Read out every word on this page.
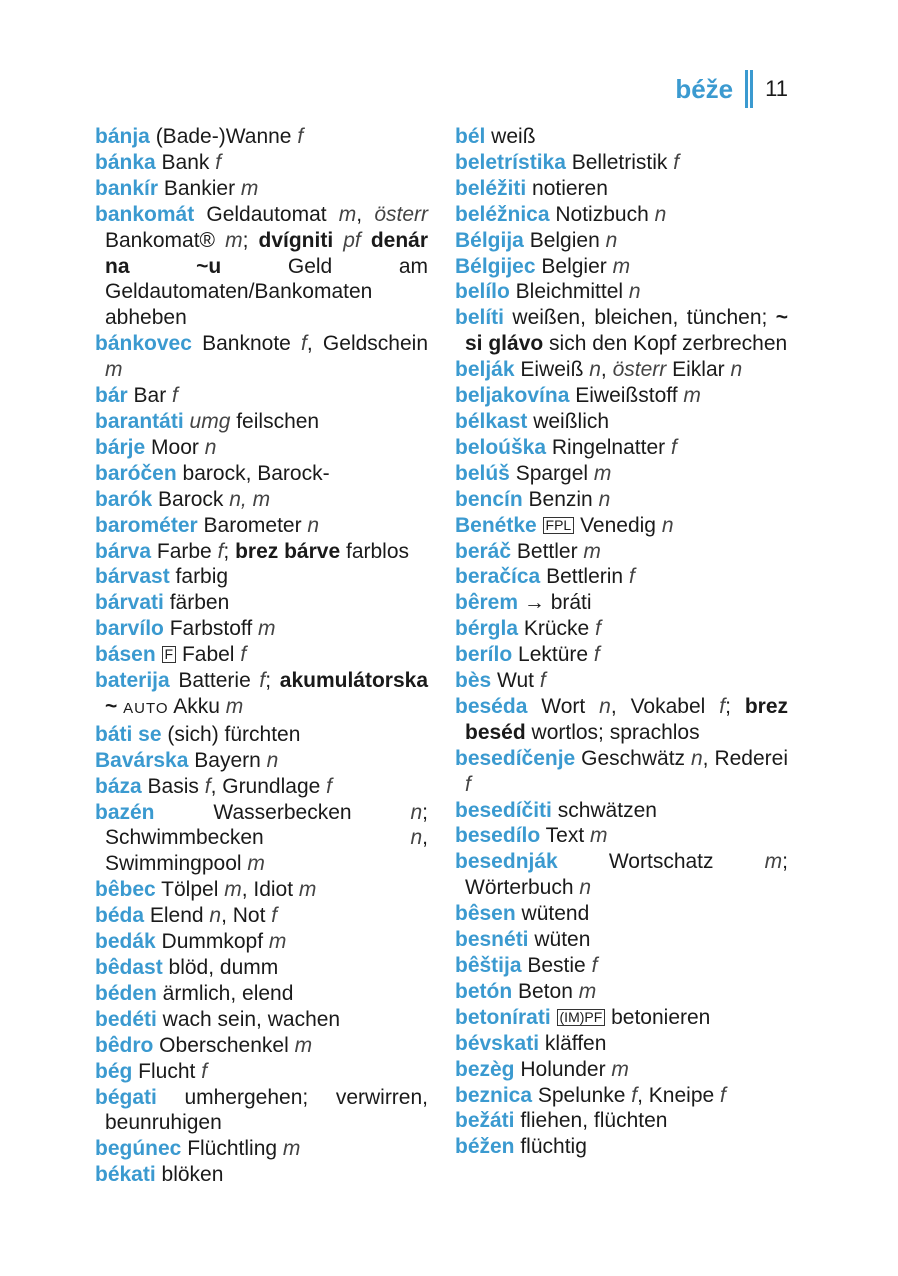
béže 11

bánja (Bade-)Wanne f

bánka Bank f

bankír Bankier m

bankomát Geldautomat m, österr Bankomat® m; dvígniti pf denár na ~u Geld am Geldautomaten/Bankomaten abheben

bánkovec Banknote f, Geldschein m

bár Bar f

barantáti umg feilschen

bárje Moor n

baróčen barock, Barock-

barók Barock n, m

barométer Barometer n

bárva Farbe f; brez bárve farblos

bárvast farbig

bárvati färben

barvílo Farbstoff m

básen F Fabel f

baterija Batterie f; akumulátorska ~ AUTO Akku m

báti se (sich) fürchten

Bavárska Bayern n

báza Basis f, Grundlage f

bazén Wasserbecken n; Schwimmbecken n, Swimmingpool m

bêbec Tölpel m, Idiot m

béda Elend n, Not f

bedák Dummkopf m

bêdast blöd, dumm

béden ärmlich, elend

bedéti wach sein, wachen

bêdro Oberschenkel m

bég Flucht f

bégati umhergehen; verwirren, beunruhigen

begúnec Flüchtling m

békati blöken

bél weiß

beletrístika Belletristik f

beléžiti notieren

beléžnica Notizbuch n

Bélgija Belgien n

Bélgijec Belgier m

belílo Bleichmittel n

belíti weißen, bleichen, tünchen; ~ si glávo sich den Kopf zerbrechen

belják Eiweiß n, österr Eiklar n

beljakovína Eiweißstoff m

bélkast weißlich

beloúška Ringelnatter f

belúš Spargel m

bencín Benzin n

Benétke FPL Venedig n

beráč Bettler m

beračíca Bettlerin f

bêrem → bráti

bérgla Krücke f

berílo Lektüre f

bès Wut f

beséda Wort n, Vokabel f; brez beséd wortlos; sprachlos

besedíčenje Geschwätz n, Rederei f

besedíčiti schwätzen

besedílo Text m

besednják Wortschatz m; Wörterbuch n

bêsen wütend

besnéti wüten

bêštija Bestie f

betón Beton m

betonírati (IM)PF betonieren

bévskati kläffen

bezèg Holunder m

beznica Spelunke f, Kneipe f

bežáti fliehen, flüchten

béžen flüchtig
